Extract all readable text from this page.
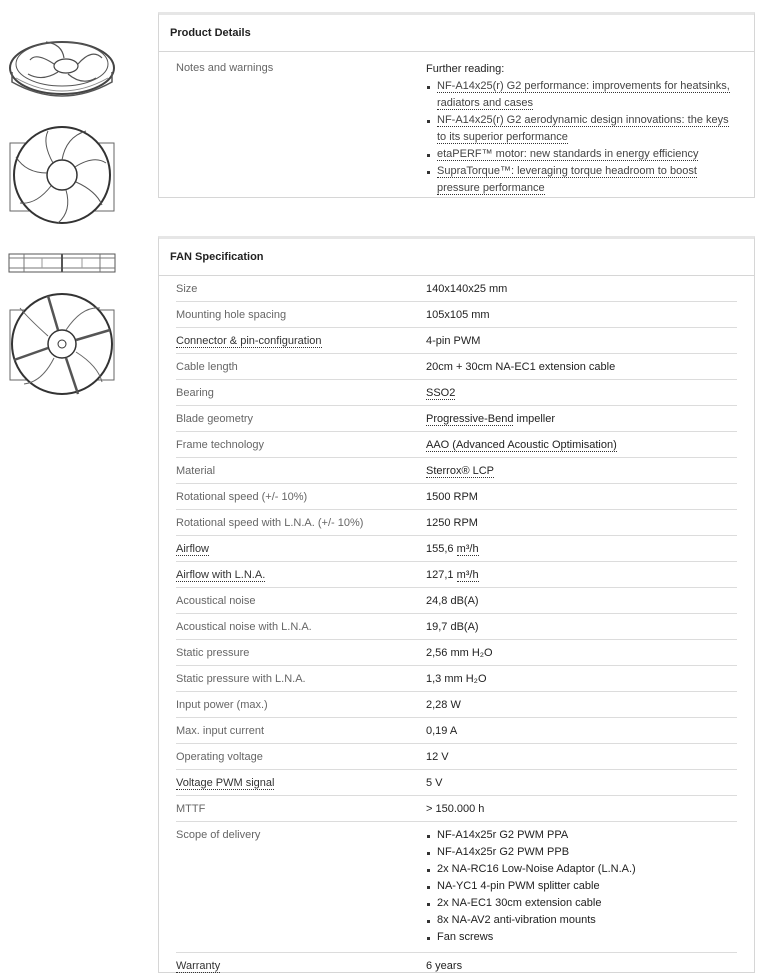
Product Details
Notes and warnings	Further reading:
NF-A14x25(r) G2 performance: improvements for heatsinks, radiators and cases
NF-A14x25(r) G2 aerodynamic design innovations: the keys to its superior performance
etaPERF™ motor: new standards in energy efficiency
SupraTorque™: leveraging torque headroom to boost pressure performance
FAN Specification
Size	140x140x25 mm
Mounting hole spacing	105x105 mm
Connector & pin-configuration	4-pin PWM
Cable length	20cm + 30cm NA-EC1 extension cable
Bearing	SSO2
Blade geometry	Progressive-Bend impeller
Frame technology	AAO (Advanced Acoustic Optimisation)
Material	Sterrox® LCP
Rotational speed (+/- 10%)	1500 RPM
Rotational speed with L.N.A. (+/- 10%)	1250 RPM
Airflow	155,6 m³/h
Airflow with L.N.A.	127,1 m³/h
Acoustical noise	24,8 dB(A)
Acoustical noise with L.N.A.	19,7 dB(A)
Static pressure	2,56 mm H₂O
Static pressure with L.N.A.	1,3 mm H₂O
Input power (max.)	2,28 W
Max. input current	0,19 A
Operating voltage	12 V
Voltage PWM signal	5 V
MTTF	> 150.000 h
Scope of delivery	NF-A14x25r G2 PWM PPA
NF-A14x25r G2 PWM PPB
2x NA-RC16 Low-Noise Adaptor (L.N.A.)
NA-YC1 4-pin PWM splitter cable
2x NA-EC1 30cm extension cable
8x NA-AV2 anti-vibration mounts
Fan screws
Warranty	6 years
